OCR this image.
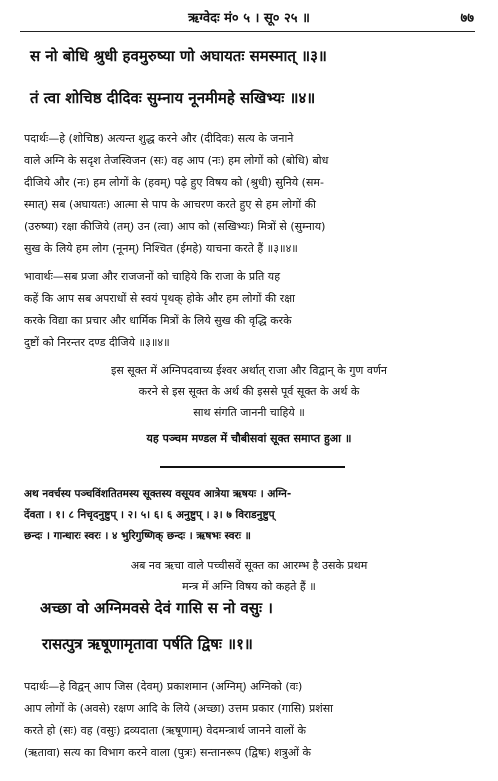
ऋग्वेदः मं० ५ । सू० २५ ॥	७७
स नो बोधि श्रुधी हवमुरुष्या णो अघायतः समस्मात् ॥३॥
तं त्वा शोचिष्ठ दीदिवः सुम्नाय नूनमीमहे सखिभ्यः ॥४॥
पदार्थः—हे (शोचिष्ठ) अत्यन्त शुद्ध करने और (दीदिवः) सत्य के जनाने
वाले अग्नि के सदृश तेजस्विजन (सः) वह आप (नः) हम लोगों को (बोधि) बोध
दीजिये और (नः) हम लोगों के (हवम्) पढ़े हुए विषय को (श्रुधी) सुनिये (सम-
स्मात्) सब (अघायतः) आत्मा से पाप के आचरण करते हुए से हम लोगों की
(उरुष्या) रक्षा कीजिये (तम्) उन (त्वा) आप को (सखिभ्यः) मित्रों से (सुम्नाय)
सुख के लिये हम लोग (नूनम्) निश्चित (ईमहे) याचना करते हैं ॥३॥४॥
भावार्थः—सब प्रजा और राजजनों को चाहिये कि राजा के प्रति यह
कहें कि आप सब अपराधों से स्वयं पृथक् होके और हम लोगों की रक्षा
करके विद्या का प्रचार और धार्मिक मित्रों के लिये सुख की वृद्धि करके
दुष्टों को निरन्तर दण्ड दीजिये ॥३॥४॥
इस सूक्त में अग्निपदवाच्य ईश्वर अर्थात् राजा और विद्वान् के गुण वर्णन
करने से इस सूक्त के अर्थ की इससे पूर्व सूक्त के अर्थ के
साथ संगति जाननी चाहिये ॥
यह पञ्चम मण्डल में चौबीसवां सूक्त समाप्त हुआ ॥
अथ नवर्चस्य पञ्चविंशतितमस्य सूक्तस्य वसूयव आत्रेया ऋषयः । अग्नि-
र्देवता । १। ८ निचृदनुष्टुप् । २। ५। ६। ६ अनुष्टुप् । ३। ७ विराडनुष्टुप्
छन्दः । गान्धारः स्वरः । ४ भुरिगुष्णिक् छन्दः । ऋषभः स्वरः ॥
अब नव ऋचा वाले पच्चीसवें सूक्त का आरम्भ है उसके प्रथम
मन्त्र में अग्नि विषय को कहते हैं ॥
अच्छा वो अग्निमवसे देवं गासि स नो वसुः ।
रासत्पुत्र ऋषूणामृतावा पर्षति द्विषः ॥१॥
पदार्थः—हे विद्वन् आप जिस (देवम्) प्रकाशमान (अग्निम्) अग्निको (वः)
आप लोगों के (अवसे) रक्षण आदि के लिये (अच्छा) उत्तम प्रकार (गासि) प्रशंसा
करते हो (सः) वह (वसुः) द्रव्यदाता (ऋषूणाम्) वेदमन्त्रार्थ जानने वालों के
(ऋतावा) सत्य का विभाग करने वाला (पुत्रः) सन्तानरूप (द्विषः) शत्रुओं के
